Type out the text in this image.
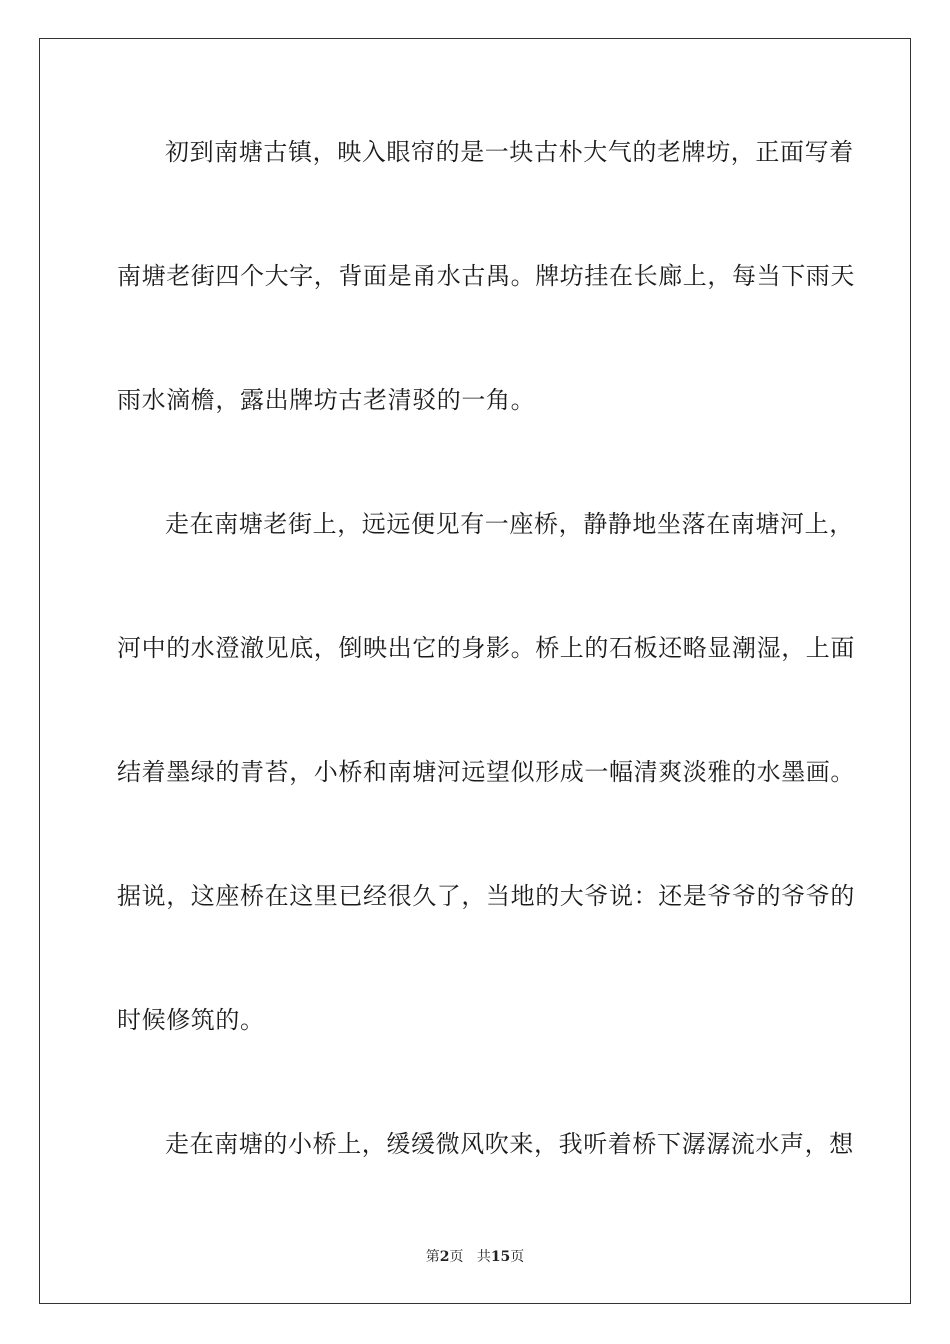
初到南塘古镇，映入眼帘的是一块古朴大气的老牌坊，正面写着
南塘老街四个大字，背面是甬水古禺。牌坊挂在长廊上，每当下雨天
雨水滴檐，露出牌坊古老清驳的一角。
走在南塘老街上，远远便见有一座桥，静静地坐落在南塘河上，
河中的水澄澈见底，倒映出它的身影。桥上的石板还略显潮湿，上面
结着墨绿的青苔，小桥和南塘河远望似形成一幅清爽淡雅的水墨画。
据说，这座桥在这里已经很久了，当地的大爷说：还是爷爷的爷爷的
时候修筑的。
走在南塘的小桥上，缓缓微风吹来，我听着桥下潺潺流水声，想
第2页 共15页
